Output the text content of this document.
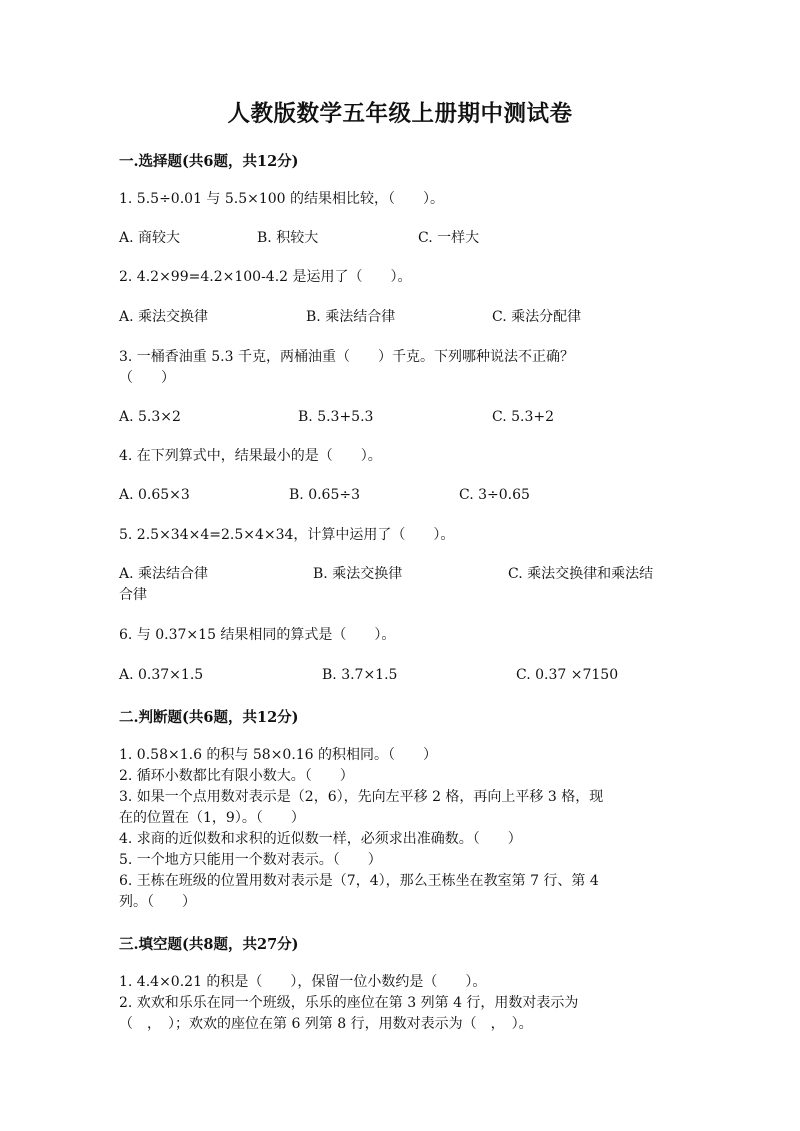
人教版数学五年级上册期中测试卷
一.选择题(共6题，共12分)
1. 5.5÷0.01 与 5.5×100 的结果相比较，（　　）。
A. 商较大	B. 积较大	C. 一样大
2. 4.2×99=4.2×100-4.2 是运用了（　　）。
A. 乘法交换律	B. 乘法结合律	C. 乘法分配律
3. 一桶香油重 5.3 千克，两桶油重（　　）千克。下列哪种说法不正确？
（　　）
A. 5.3×2	B. 5.3+5.3	C. 5.3+2
4. 在下列算式中，结果最小的是（　　）。
A. 0.65×3	B. 0.65÷3	C. 3÷0.65
5. 2.5×34×4=2.5×4×34，计算中运用了（　　）。
A. 乘法结合律	B. 乘法交换律	C. 乘法交换律和乘法结
合律
6. 与 0.37×15 结果相同的算式是（　　）。
A. 0.37×1.5	B. 3.7×1.5	C. 0.37 ×7150
二.判断题(共6题，共12分)
1. 0.58×1.6 的积与 58×0.16 的积相同。（　　）
2. 循环小数都比有限小数大。（　　）
3. 如果一个点用数对表示是（2，6），先向左平移 2 格，再向上平移 3 格，现
在的位置在（1，9）。（　　）
4. 求商的近似数和求积的近似数一样，必须求出准确数。（　　）
5. 一个地方只能用一个数对表示。（　　）
6. 王栋在班级的位置用数对表示是（7，4），那么王栋坐在教室第 7 行、第 4
列。（　　）
三.填空题(共8题，共27分)
1. 4.4×0.21 的积是（　　），保留一位小数约是（　　）。
2. 欢欢和乐乐在同一个班级，乐乐的座位在第 3 列第 4 行，用数对表示为
（　，　）；欢欢的座位在第 6 列第 8 行，用数对表示为（　，　）。
